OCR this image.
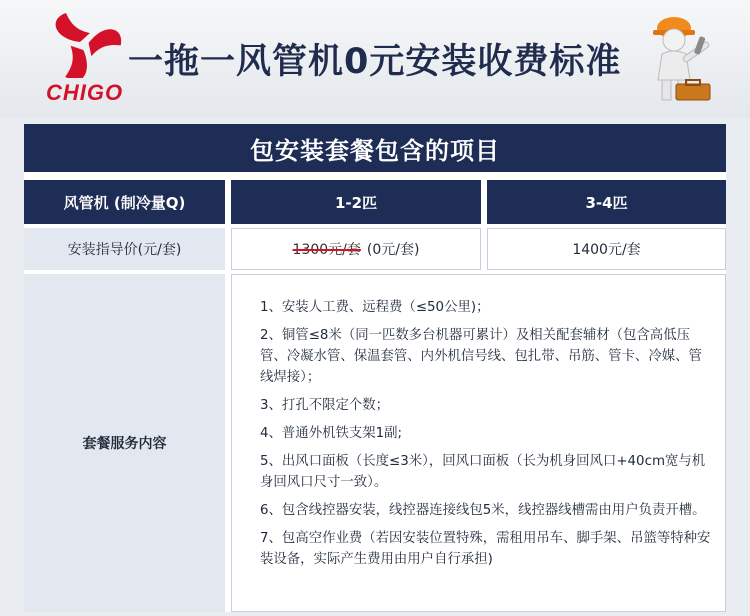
CHIGO
一拖一风管机0元安装收费标准
包安装套餐包含的项目
风管机 (制冷量Q)	1-2匹	3-4匹
安装指导价(元/套)	1300元/套 (0元/套)	1400元/套
套餐服务内容

1、安装人工费、远程费（≤50公里)；

2、铜管≤8米（同一匹数多台机器可累计）及相关配套辅材（包含高低压管、冷凝水管、保温套管、内外机信号线、包扎带、吊筋、管卡、冷媒、管线焊接）；

3、打孔不限定个数；

4、普通外机铁支架1副;

5、出风口面板（长度≤3米），回风口面板（长为机身回风口+40cm宽与机身回风口尺寸一致）。

6、包含线控器安装，线控器连接线包5米，线控器线槽需由用户负责开槽。

7、包高空作业费（若因安装位置特殊，需租用吊车、脚手架、吊篮等特种安装设备，实际产生费用由用户自行承担)
